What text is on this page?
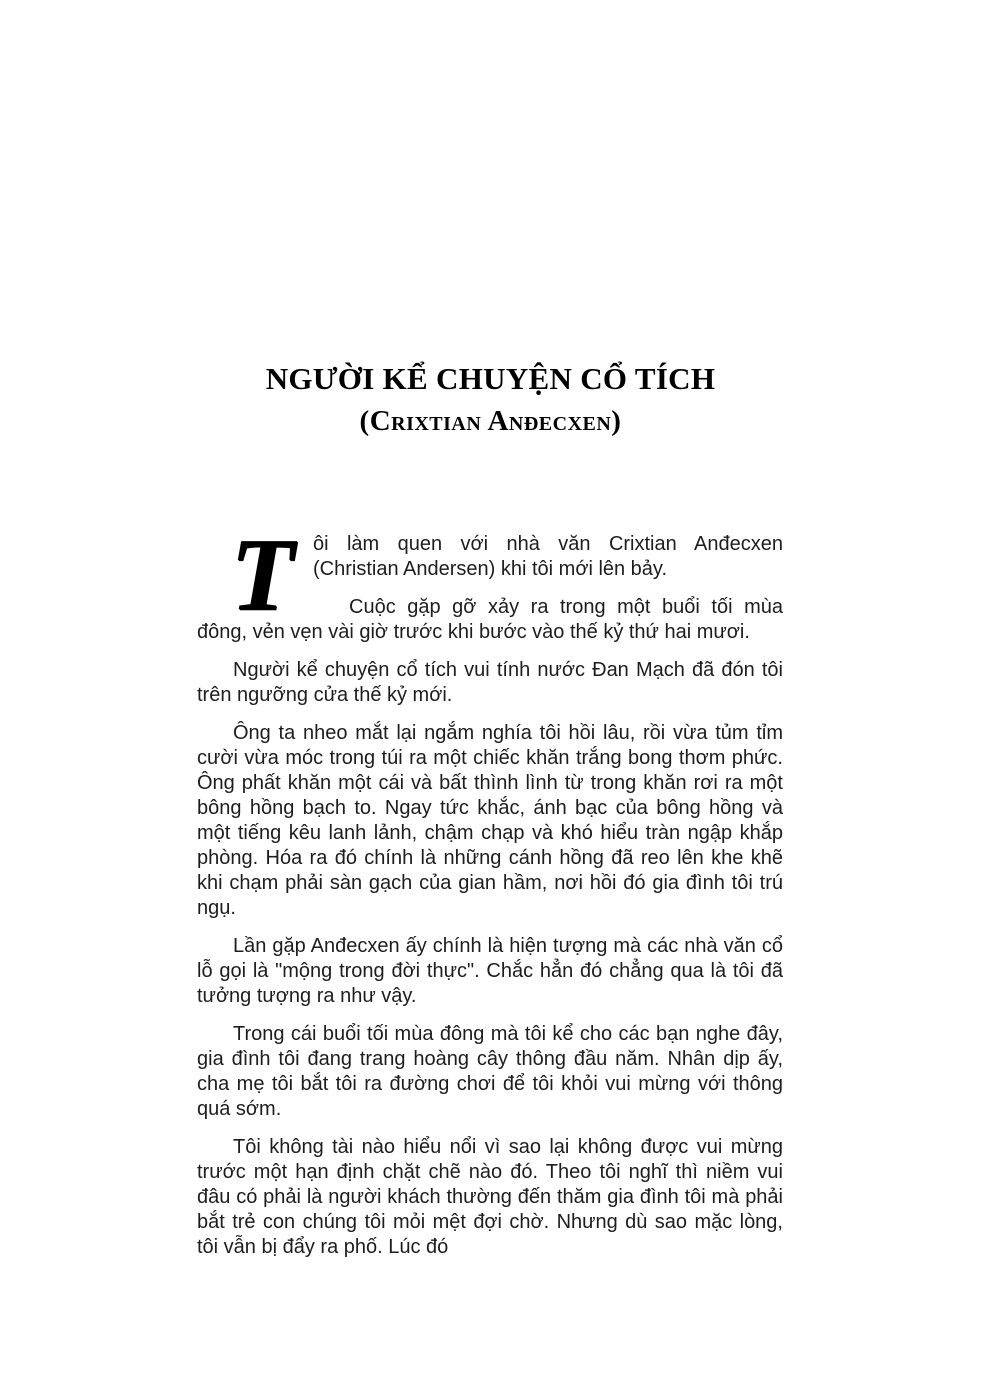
NGƯỜI KỂ CHUYỆN CỔ TÍCH
(Crixtian Anđecxen)

T ôi làm quen với nhà văn Crixtian Anđecxen (Christian Andersen) khi tôi mới lên bảy.

Cuộc gặp gỡ xảy ra trong một buổi tối mùa đông, vẻn vẹn vài giờ trước khi bước vào thế kỷ thứ hai mươi.

Người kể chuyện cổ tích vui tính nước Đan Mạch đã đón tôi trên ngưỡng cửa thế kỷ mới.

Ông ta nheo mắt lại ngắm nghía tôi hồi lâu, rồi vừa tủm tỉm cười vừa móc trong túi ra một chiếc khăn trắng bong thơm phức. Ông phất khăn một cái và bất thình lình từ trong khăn rơi ra một bông hồng bạch to. Ngay tức khắc, ánh bạc của bông hồng và một tiếng kêu lanh lảnh, chậm chạp và khó hiểu tràn ngập khắp phòng. Hóa ra đó chính là những cánh hồng đã reo lên khe khẽ khi chạm phải sàn gạch của gian hầm, nơi hồi đó gia đình tôi trú ngụ.

Lần gặp Anđecxen ấy chính là hiện tượng mà các nhà văn cổ lỗ gọi là "mộng trong đời thực". Chắc hẳn đó chẳng qua là tôi đã tưởng tượng ra như vậy.

Trong cái buổi tối mùa đông mà tôi kể cho các bạn nghe đây, gia đình tôi đang trang hoàng cây thông đầu năm. Nhân dịp ấy, cha mẹ tôi bắt tôi ra đường chơi để tôi khỏi vui mừng với thông quá sớm.

Tôi không tài nào hiểu nổi vì sao lại không được vui mừng trước một hạn định chặt chẽ nào đó. Theo tôi nghĩ thì niềm vui đâu có phải là người khách thường đến thăm gia đình tôi mà phải bắt trẻ con chúng tôi mỏi mệt đợi chờ. Nhưng dù sao mặc lòng, tôi vẫn bị đẩy ra phố. Lúc đó
